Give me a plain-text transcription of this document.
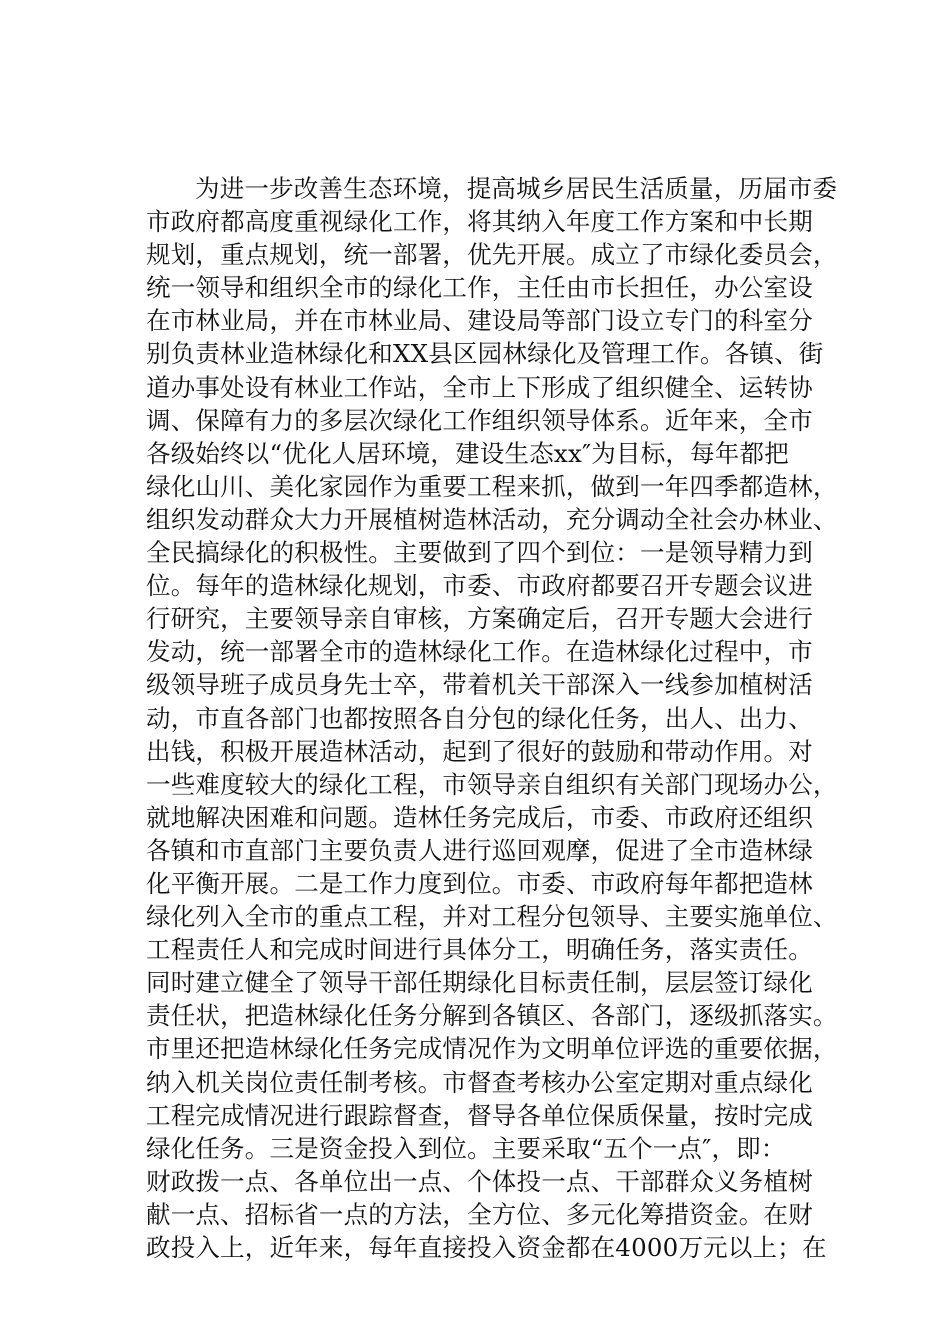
为进一步改善生态环境，提高城乡居民生活质量，历届市委
市政府都高度重视绿化工作，将其纳入年度工作方案和中长期
规划，重点规划，统一部署，优先开展。成立了市绿化委员会，
统一领导和组织全市的绿化工作，主任由市长担任，办公室设
在市林业局，并在市林业局、建设局等部门设立专门的科室分
别负责林业造林绿化和XX县区园林绿化及管理工作。各镇、街
道办事处设有林业工作站，全市上下形成了组织健全、运转协
调、保障有力的多层次绿化工作组织领导体系。近年来，全市
各级始终以“优化人居环境，建设生态xx″为目标，每年都把
绿化山川、美化家园作为重要工程来抓，做到一年四季都造林，
组织发动群众大力开展植树造林活动，充分调动全社会办林业、
全民搞绿化的积极性。主要做到了四个到位：一是领导精力到
位。每年的造林绿化规划，市委、市政府都要召开专题会议进
行研究，主要领导亲自审核，方案确定后，召开专题大会进行
发动，统一部署全市的造林绿化工作。在造林绿化过程中，市
级领导班子成员身先士卒，带着机关干部深入一线参加植树活
动，市直各部门也都按照各自分包的绿化任务，出人、出力、
出钱，积极开展造林活动，起到了很好的鼓励和带动作用。对
一些难度较大的绿化工程，市领导亲自组织有关部门现场办公，
就地解决困难和问题。造林任务完成后，市委、市政府还组织
各镇和市直部门主要负责人进行巡回观摩，促进了全市造林绿
化平衡开展。二是工作力度到位。市委、市政府每年都把造林
绿化列入全市的重点工程，并对工程分包领导、主要实施单位、
工程责任人和完成时间进行具体分工，明确任务，落实责任。
同时建立健全了领导干部任期绿化目标责任制，层层签订绿化
责任状，把造林绿化任务分解到各镇区、各部门，逐级抓落实。
市里还把造林绿化任务完成情况作为文明单位评选的重要依据，
纳入机关岗位责任制考核。市督查考核办公室定期对重点绿化
工程完成情况进行跟踪督查，督导各单位保质保量，按时完成
绿化任务。三是资金投入到位。主要采取“五个一点″，即：
财政拨一点、各单位出一点、个体投一点、干部群众义务植树
献一点、招标省一点的方法，全方位、多元化筹措资金。在财
政投入上，近年来，每年直接投入资金都在4000万元以上；在
